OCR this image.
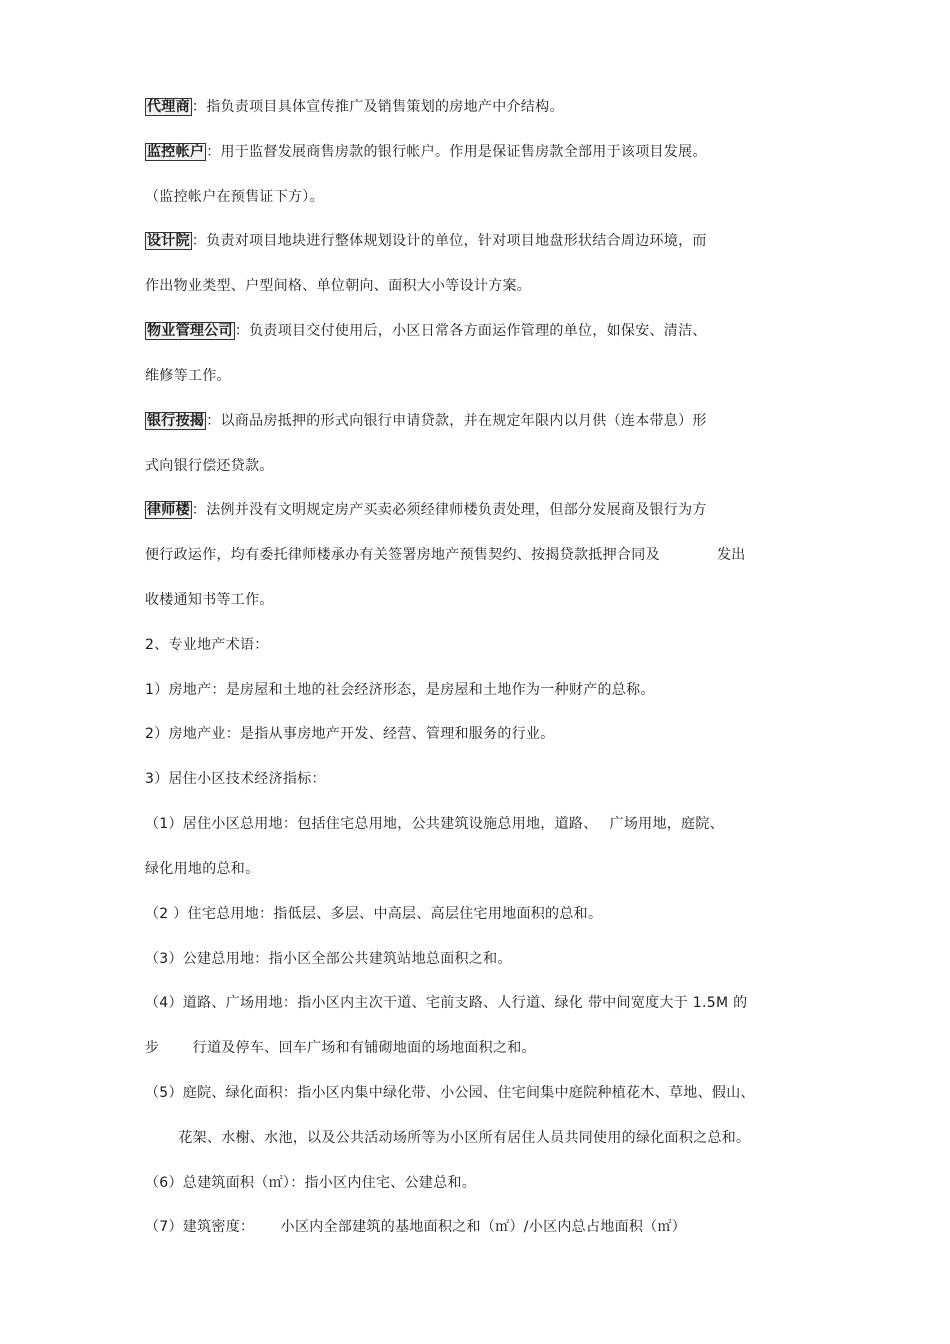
代理商 ：指负责项目具体宣传推广及销售策划的房地产中介结构。
监控帐户 ：用于监督发展商售房款的银行帐户。作用是保证售房款全部用于该项目发展。
（监控帐户在预售证下方）。
设计院 ：负责对项目地块进行整体规划设计的单位，针对项目地盘形状结合周边环境，而
作出物业类型、户型间格、单位朝向、面积大小等设计方案。
物业管理公司 ：负责项目交付使用后，小区日常各方面运作管理的单位，如保安、清洁、
维修等工作。
银行按揭 ：以商品房抵押的形式向银行申请贷款，并在规定年限内以月供（连本带息）形
式向银行偿还贷款。
律师楼 ：法例并没有文明规定房产买卖必须经律师楼负责处理，但部分发展商及银行为方
便行政运作，均有委托律师楼承办有关签署房地产预售契约、按揭贷款抵押合同及　　　　发出
收楼通知书等工作。
2、专业地产术语：
1）房地产：是房屋和土地的社会经济形态，是房屋和土地作为一种财产的总称。
2）房地产业：是指从事房地产开发、经营、管理和服务的行业。
3）居住小区技术经济指标：
（1）居住小区总用地：包括住宅总用地，公共建筑设施总用地，道路、　 广场用地，庭院、
绿化用地的总和。
（2 ）住宅总用地：指低层、多层、中高层、高层住宅用地面积的总和。
（3）公建总用地：指小区全部公共建筑站地总面积之和。
（4）道路、广场用地：指小区内主次干道、宅前支路、人行道、绿化 带中间宽度大于 1.5M 的
步　　 行道及停车、回车广场和有铺砌地面的场地面积之和。
（5）庭院、绿化面积：指小区内集中绿化带、小公园、住宅间集中庭院种植花木、草地、假山、
　　 花架、水榭、水池，以及公共活动场所等为小区所有居住人员共同使用的绿化面积之总和。
（6）总建筑面积（㎡）：指小区内住宅、公建总和。
（7）建筑密度：　　 小区内全部建筑的基地面积之和（㎡）/小区内总占地面积（㎡）
